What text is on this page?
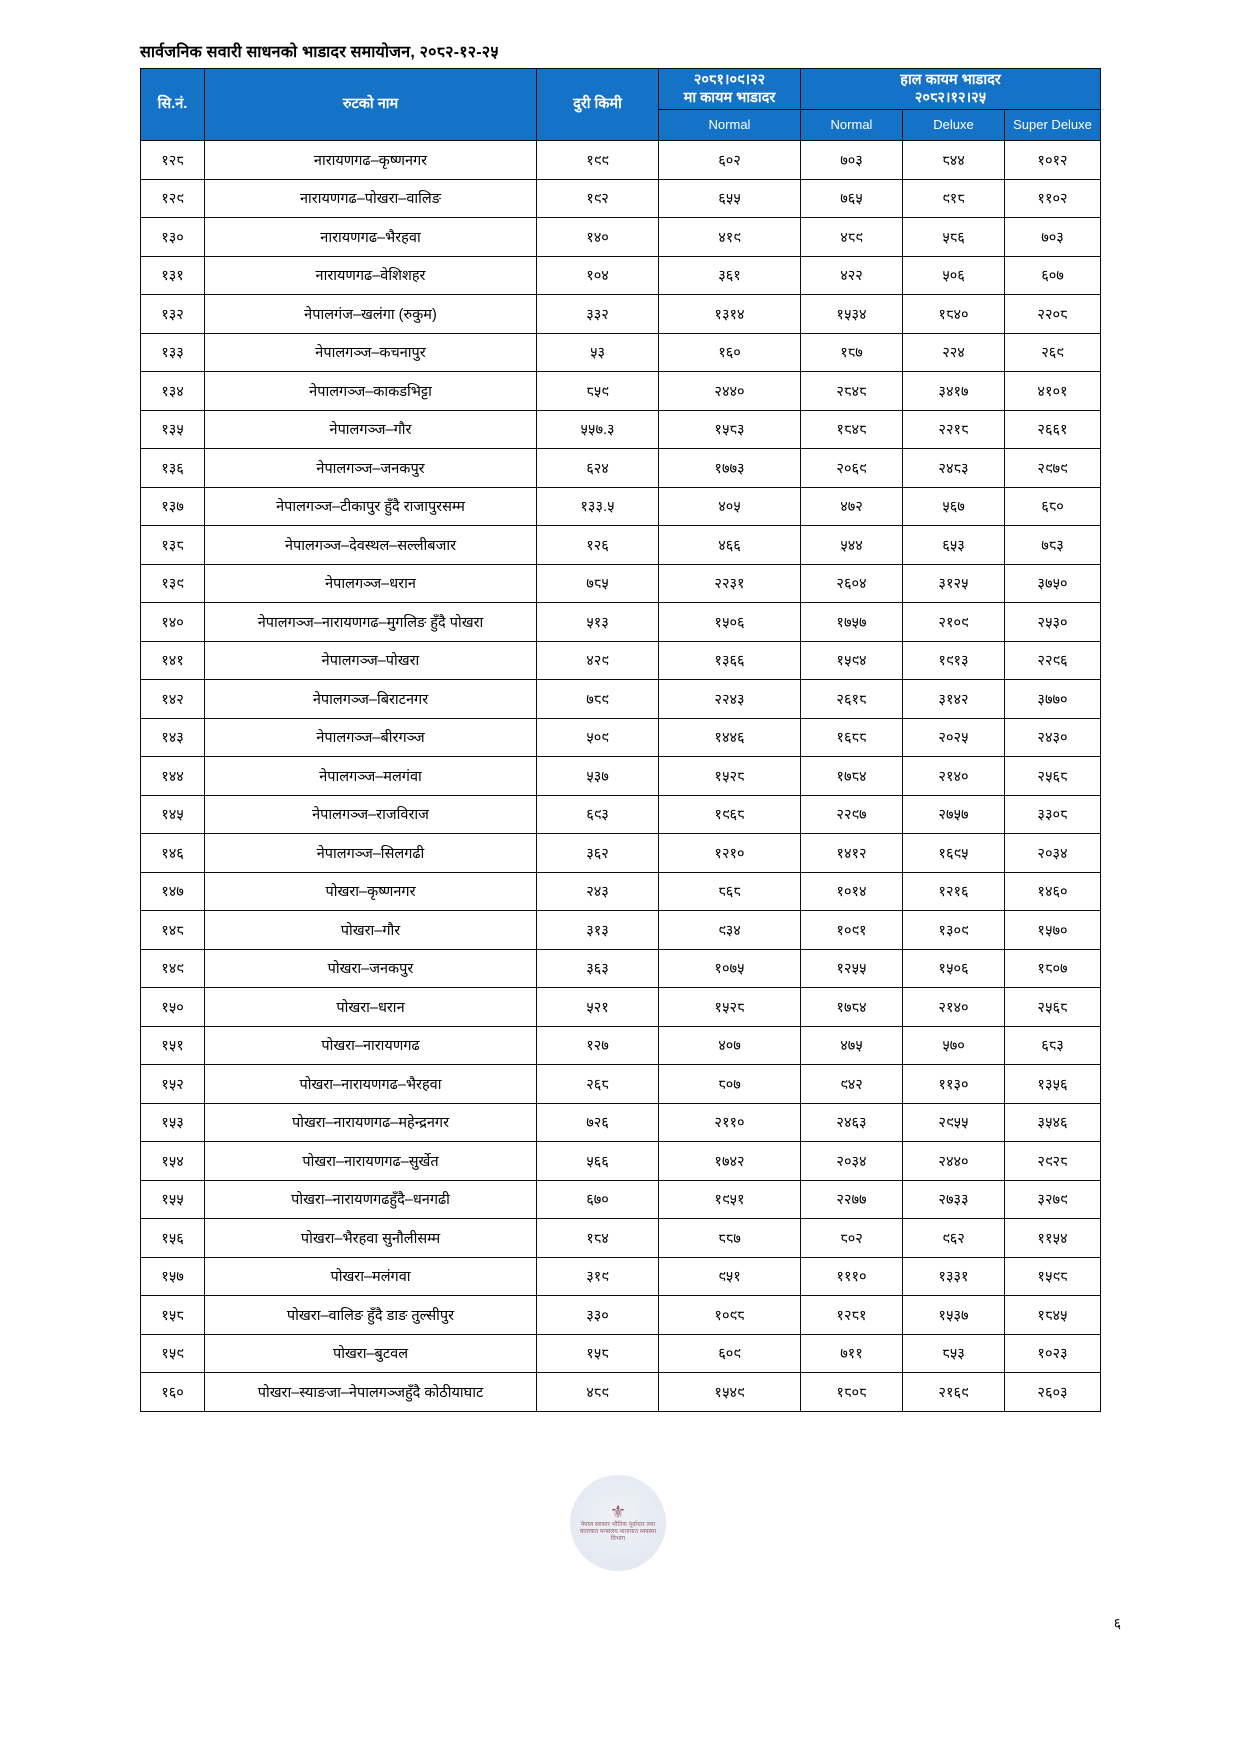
सार्वजनिक सवारी साधनको भाडादर समायोजन, २०८२-१२-२५
सि.नं.	रुटको नाम	दुरी किमी	
२०८१।०९।२२
मा कायम भाडादर

हाल कायम भाडादर
२०८२।१२।२५

			Normal	Normal	Deluxe	Super Deluxe
१२८	नारायणगढ–कृष्णनगर	१९९	६०२	७०३	८४४	१०१२
१२९	नारायणगढ–पोखरा–वालिङ	१९२	६५५	७६५	९१८	११०२
१३०	नारायणगढ–भैरहवा	१४०	४१९	४८९	५८६	७०३
१३१	नारायणगढ–वेशिशहर	१०४	३६१	४२२	५०६	६०७
१३२	नेपालगंज–खलंगा (रुकुम)	३३२	१३१४	१५३४	१८४०	२२०८
१३३	नेपालगञ्ज–कचनापुर	५३	१६०	१८७	२२४	२६९
१३४	नेपालगञ्ज–काकडभिट्टा	८५९	२४४०	२८४८	३४१७	४१०१
१३५	नेपालगञ्ज–गौर	५५७.३	१५८३	१८४८	२२१८	२६६१
१३६	नेपालगञ्ज–जनकपुर	६२४	१७७३	२०६९	२४८३	२९७९
१३७	नेपालगञ्ज–टीकापुर हुँदै राजापुरसम्म	१३३.५	४०५	४७२	५६७	६८०
१३८	नेपालगञ्ज–देवस्थल–सल्लीबजार	१२६	४६६	५४४	६५३	७८३
१३९	नेपालगञ्ज–धरान	७८५	२२३१	२६०४	३१२५	३७५०
१४०	नेपालगञ्ज–नारायणगढ–मुगलिङ हुँदै पोखरा	५१३	१५०६	१७५७	२१०९	२५३०
१४१	नेपालगञ्ज–पोखरा	४२९	१३६६	१५९४	१९१३	२२९६
१४२	नेपालगञ्ज–बिराटनगर	७८९	२२४३	२६१८	३१४२	३७७०
१४३	नेपालगञ्ज–बीरगञ्ज	५०९	१४४६	१६८८	२०२५	२४३०
१४४	नेपालगञ्ज–मलगंवा	५३७	१५२८	१७८४	२१४०	२५६८
१४५	नेपालगञ्ज–राजविराज	६९३	१९६८	२२९७	२७५७	३३०८
१४६	नेपालगञ्ज–सिलगढी	३६२	१२१०	१४१२	१६९५	२०३४
१४७	पोखरा–कृष्णनगर	२४३	८६८	१०१४	१२१६	१४६०
१४८	पोखरा–गौर	३१३	९३४	१०९१	१३०९	१५७०
१४९	पोखरा–जनकपुर	३६३	१०७५	१२५५	१५०६	१८०७
१५०	पोखरा–धरान	५२१	१५२८	१७८४	२१४०	२५६८
१५१	पोखरा–नारायणगढ	१२७	४०७	४७५	५७०	६८३
१५२	पोखरा–नारायणगढ–भैरहवा	२६८	८०७	९४२	११३०	१३५६
१५३	पोखरा–नारायणगढ–महेन्द्रनगर	७२६	२११०	२४६३	२९५५	३५४६
१५४	पोखरा–नारायणगढ–सुर्खेत	५६६	१७४२	२०३४	२४४०	२९२८
१५५	पोखरा–नारायणगढहुँदै–धनगढी	६७०	१९५१	२२७७	२७३३	३२७९
१५६	पोखरा–भैरहवा सुनौलीसम्म	१८४	८८७	८०२	९६२	११५४
१५७	पोखरा–मलंगवा	३१९	९५१	१११०	१३३१	१५९८
१५८	पोखरा–वालिङ हुँदै डाङ तुल्सीपुर	३३०	१०९८	१२८१	१५३७	१८४५
१५९	पोखरा–बुटवल	१५८	६०९	७११	८५३	१०२३
१६०	पोखरा–स्याङजा–नेपालगञ्जहुँदै कोठीयाघाट	४८९	१५४९	१८०८	२१६९	२६०३
⚜
नेपाल सरकार भौतिक पूर्वाधार तथा यातायात मन्त्रालय यातायात व्यवस्था विभाग
६
